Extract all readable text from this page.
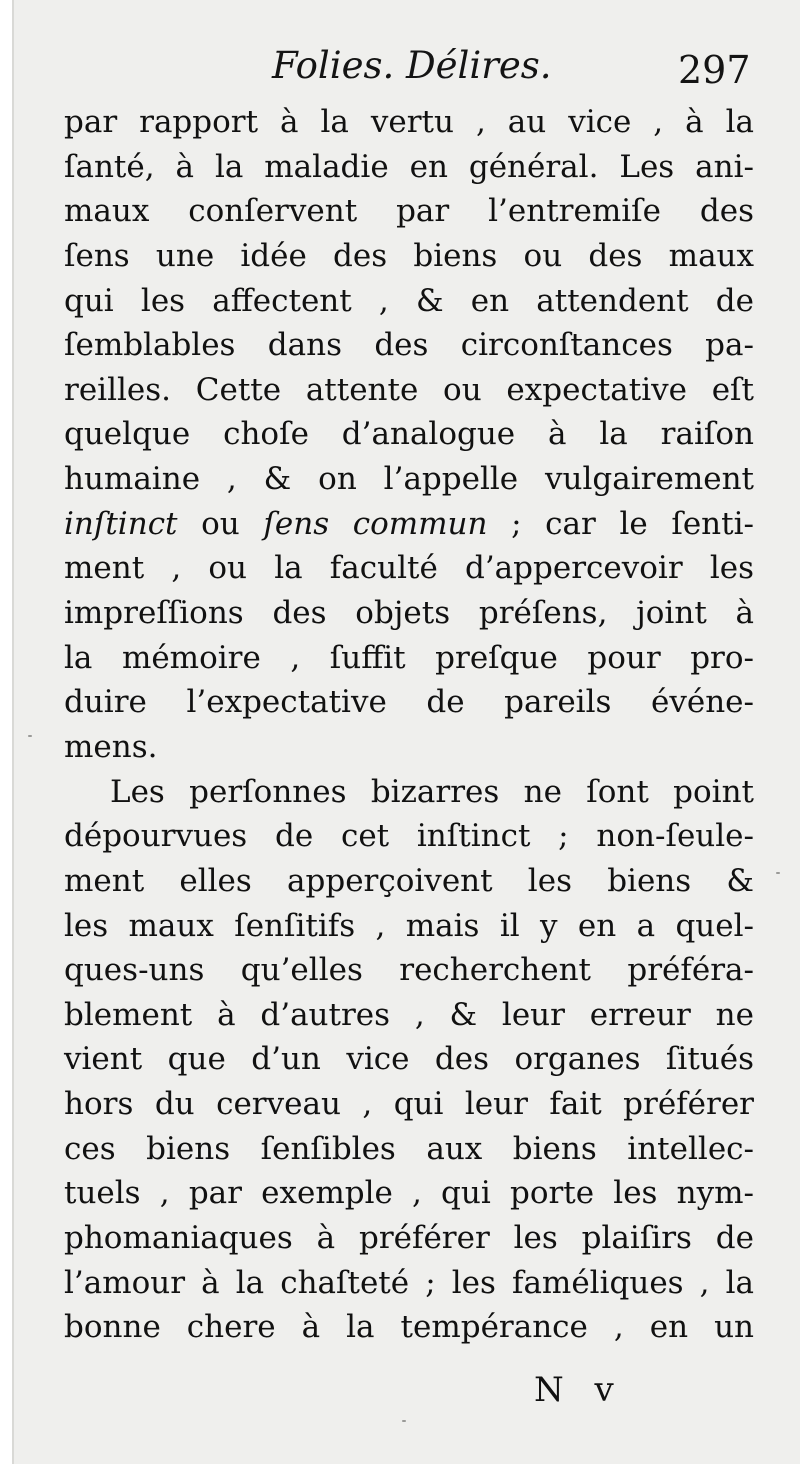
Folies. Délires.	297
par rapport à la vertu , au vice , à la
ſanté, à la maladie en général. Les ani-
maux conſervent par l’entremiſe des
ſens une idée des biens ou des maux
qui les affectent , & en attendent de
ſemblables dans des circonſtances pa-
reilles. Cette attente ou expectative eſt
quelque choſe d’analogue à la raiſon
humaine , & on l’appelle vulgairement
inſtinct ou ſens commun ; car le ſenti-
ment , ou la faculté d’appercevoir les
impreſſions des objets préſens, joint à
la mémoire , ſuffit preſque pour pro-
duire l’expectative de pareils événe-
mens.
Les perſonnes bizarres ne ſont point
dépourvues de cet inſtinct ; non-ſeule-
ment elles apperçoivent les biens &
les maux ſenſitifs , mais il y en a quel-
ques-uns qu’elles recherchent préféra-
blement à d’autres , & leur erreur ne
vient que d’un vice des organes ſitués
hors du cerveau , qui leur fait préférer
ces biens ſenſibles aux biens intellec-
tuels , par exemple , qui porte les nym-
phomaniaques à préférer les plaiſirs de
l’amour à la chaſteté ; les faméliques , la
bonne chere à la tempérance , en un
N v
